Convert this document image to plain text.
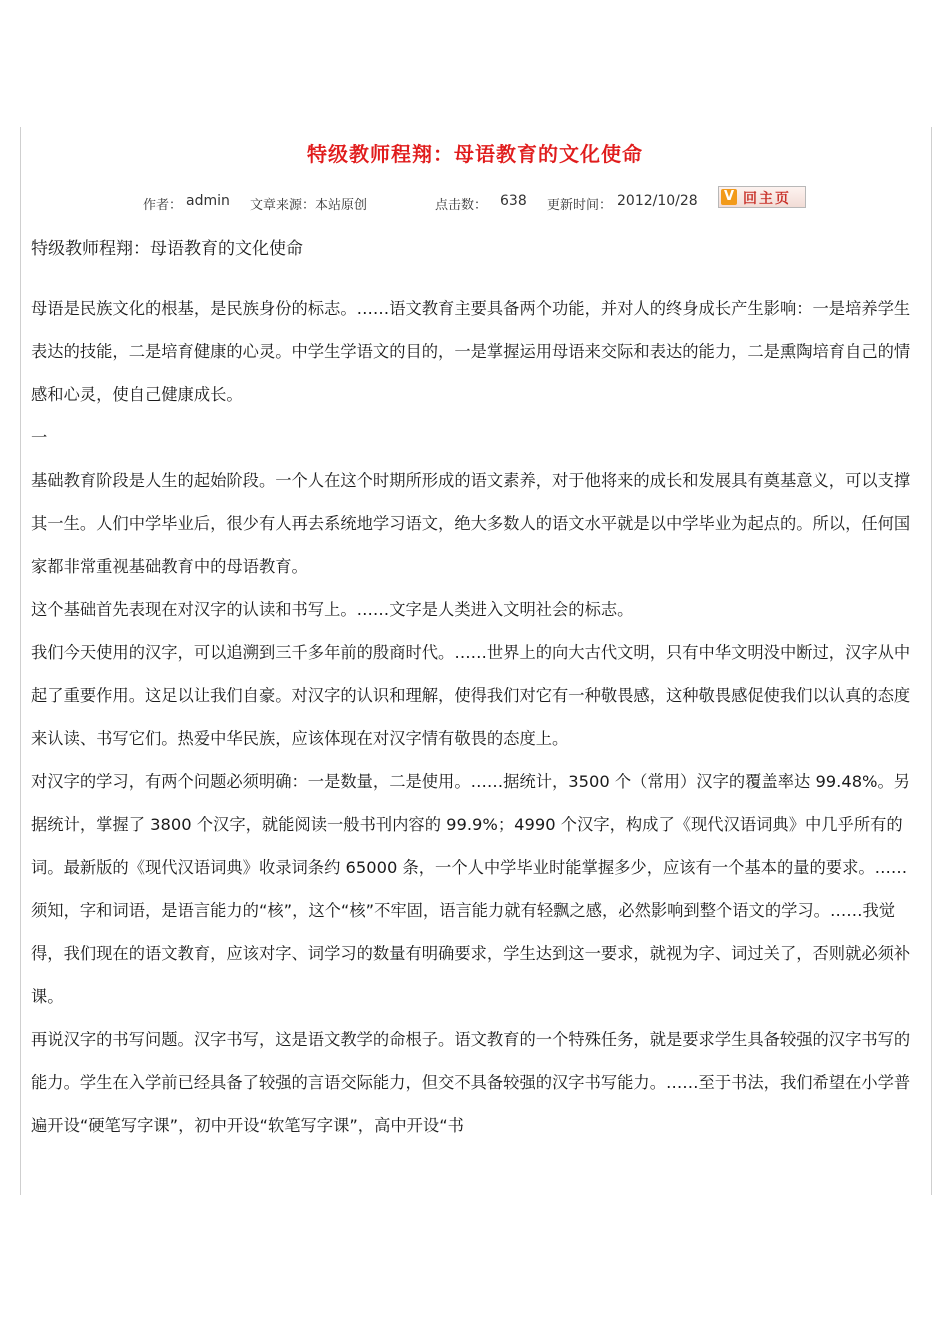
特级教师程翔：母语教育的文化使命
作者： admin 文章来源： 本站原创	点击数： 638 更新时间： 2012/10/28 V 回主页

特级教师程翔：母语教育的文化使命

母语是民族文化的根基，是民族身份的标志。……语文教育主要具备两个功能，并对人的终身成长产生影响：一是培养学生表达的技能，二是培育健康的心灵。中学生学语文的目的，一是掌握运用母语来交际和表达的能力，二是熏陶培育自己的情感和心灵，使自己健康成长。

一

基础教育阶段是人生的起始阶段。一个人在这个时期所形成的语文素养，对于他将来的成长和发展具有奠基意义，可以支撑其一生。人们中学毕业后，很少有人再去系统地学习语文，绝大多数人的语文水平就是以中学毕业为起点的。所以，任何国家都非常重视基础教育中的母语教育。

这个基础首先表现在对汉字的认读和书写上。……文字是人类进入文明社会的标志。

我们今天使用的汉字，可以追溯到三千多年前的殷商时代。……世界上的向大古代文明，只有中华文明没中断过，汉字从中起了重要作用。这足以让我们自豪。对汉字的认识和理解，使得我们对它有一种敬畏感，这种敬畏感促使我们以认真的态度来认读、书写它们。热爱中华民族，应该体现在对汉字情有敬畏的态度上。

对汉字的学习，有两个问题必须明确：一是数量，二是使用。……据统计，3500 个（常用）汉字的覆盖率达 99.48%。另据统计，掌握了 3800 个汉字，就能阅读一般书刊内容的 99.9%；4990 个汉字，构成了《现代汉语词典》中几乎所有的词。最新版的《现代汉语词典》收录词条约 65000 条，一个人中学毕业时能掌握多少，应该有一个基本的量的要求。……须知，字和词语，是语言能力的“核”，这个“核”不牢固，语言能力就有轻飘之感，必然影响到整个语文的学习。……我觉得，我们现在的语文教育，应该对字、词学习的数量有明确要求，学生达到这一要求，就视为字、词过关了，否则就必须补课。

再说汉字的书写问题。汉字书写，这是语文教学的命根子。语文教育的一个特殊任务，就是要求学生具备较强的汉字书写的能力。学生在入学前已经具备了较强的言语交际能力，但交不具备较强的汉字书写能力。……至于书法，我们希望在小学普遍开设“硬笔写字课”，初中开设“软笔写字课”，高中开设“书
